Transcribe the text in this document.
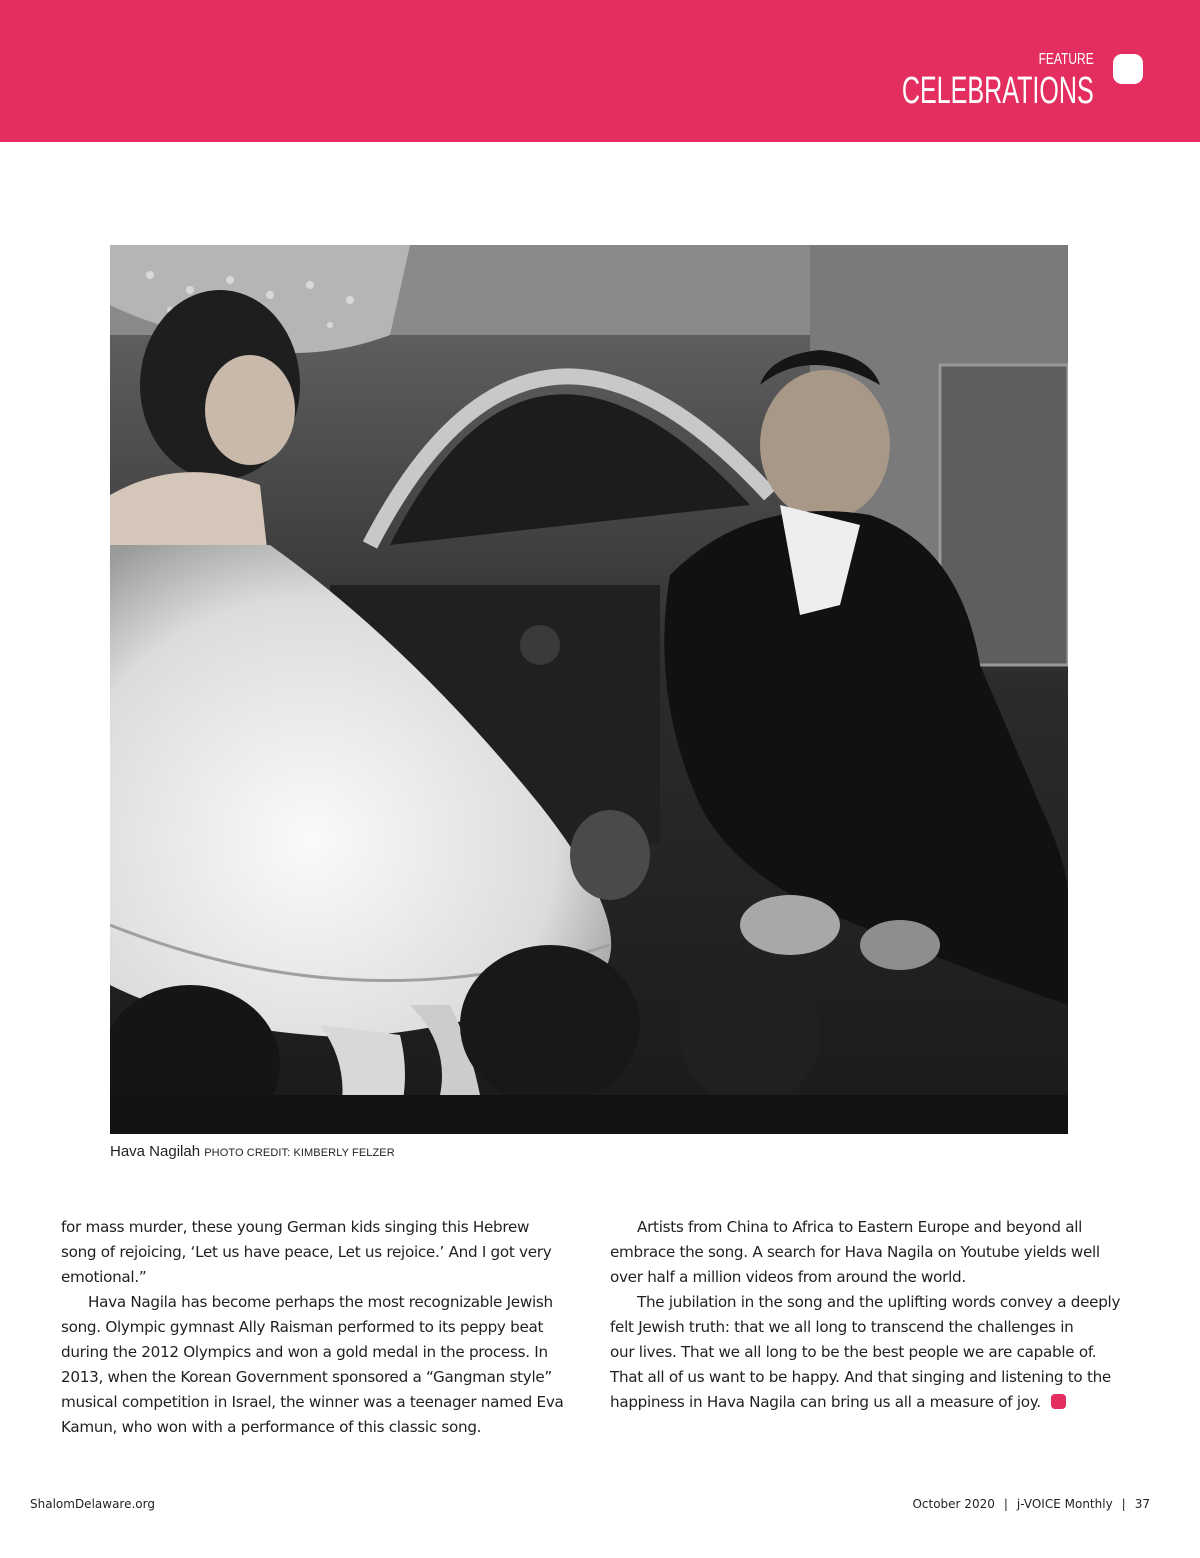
FEATURE
CELEBRATIONS
Hava Nagilah PHOTO CREDIT: KIMBERLY FELZER

for mass murder, these young German kids singing this Hebrew
song of rejoicing, ‘Let us have peace, Let us rejoice.’ And I got very
emotional.”

Hava Nagila has become perhaps the most recognizable Jewish
song. Olympic gymnast Ally Raisman performed to its peppy beat
during the 2012 Olympics and won a gold medal in the process. In
2013, when the Korean Government sponsored a “Gangman style”
musical competition in Israel, the winner was a teenager named Eva
Kamun, who won with a performance of this classic song.

Artists from China to Africa to Eastern Europe and beyond all
embrace the song. A search for Hava Nagila on Youtube yields well
over half a million videos from around the world.

The jubilation in the song and the uplifting words convey a deeply
felt Jewish truth: that we all long to transcend the challenges in
our lives. That we all long to be the best people we are capable of.
That all of us want to be happy. And that singing and listening to the
happiness in Hava Nagila can bring us all a measure of joy.

ShalomDelaware.org	October 2020 | j-VOICE Monthly | 37
